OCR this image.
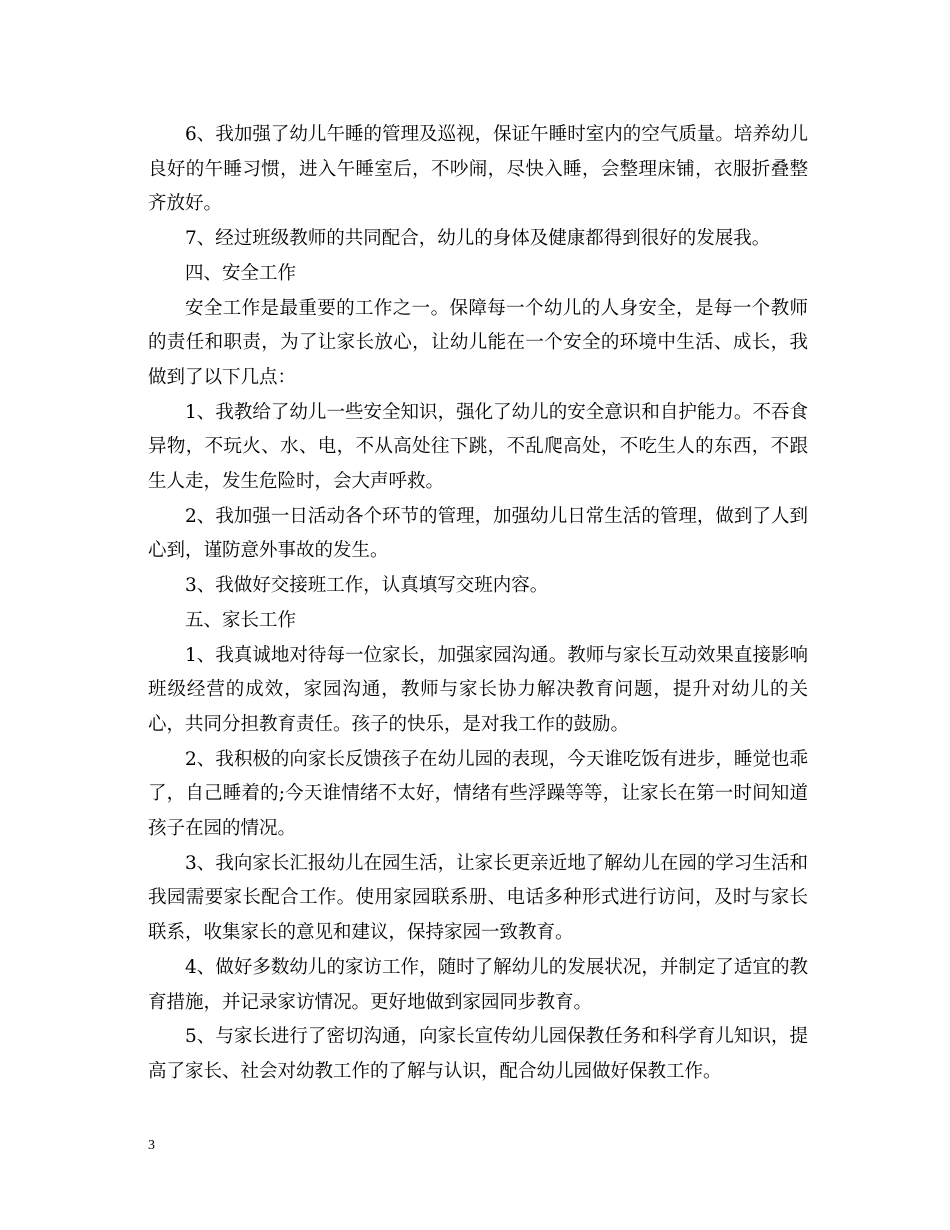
6、我加强了幼儿午睡的管理及巡视，保证午睡时室内的空气质量。培养幼儿良好的午睡习惯，进入午睡室后，不吵闹，尽快入睡，会整理床铺，衣服折叠整齐放好。

7、经过班级教师的共同配合，幼儿的身体及健康都得到很好的发展我。

四、安全工作

安全工作是最重要的工作之一。保障每一个幼儿的人身安全，是每一个教师的责任和职责，为了让家长放心，让幼儿能在一个安全的环境中生活、成长，我做到了以下几点：

1、我教给了幼儿一些安全知识，强化了幼儿的安全意识和自护能力。不吞食异物，不玩火、水、电，不从高处往下跳，不乱爬高处，不吃生人的东西，不跟生人走，发生危险时，会大声呼救。

2、我加强一日活动各个环节的管理，加强幼儿日常生活的管理，做到了人到心到，谨防意外事故的发生。

3、我做好交接班工作，认真填写交班内容。

五、家长工作

1、我真诚地对待每一位家长，加强家园沟通。教师与家长互动效果直接影响班级经营的成效，家园沟通，教师与家长协力解决教育问题，提升对幼儿的关心，共同分担教育责任。孩子的快乐，是对我工作的鼓励。

2、我积极的向家长反馈孩子在幼儿园的表现，今天谁吃饭有进步，睡觉也乖了，自己睡着的;今天谁情绪不太好，情绪有些浮躁等等，让家长在第一时间知道孩子在园的情况。

3、我向家长汇报幼儿在园生活，让家长更亲近地了解幼儿在园的学习生活和我园需要家长配合工作。使用家园联系册、电话多种形式进行访问，及时与家长联系，收集家长的意见和建议，保持家园一致教育。

4、做好多数幼儿的家访工作，随时了解幼儿的发展状况，并制定了适宜的教育措施，并记录家访情况。更好地做到家园同步教育。

5、与家长进行了密切沟通，向家长宣传幼儿园保教任务和科学育儿知识，提高了家长、社会对幼教工作的了解与认识，配合幼儿园做好保教工作。

3
